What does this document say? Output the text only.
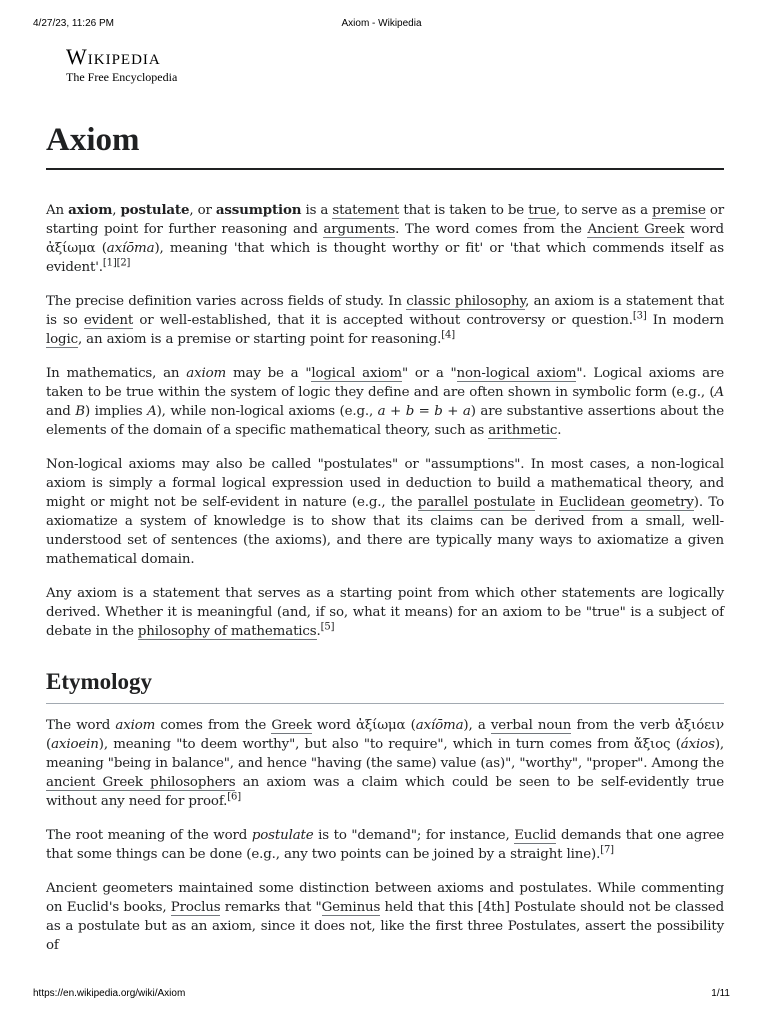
4/27/23, 11:26 PM	Axiom - Wikipedia
Wikipedia
The Free Encyclopedia
Axiom

An axiom, postulate, or assumption is a statement that is taken to be true, to serve as a premise or starting point for further reasoning and arguments. The word comes from the Ancient Greek word ἀξίωμα (axíōma), meaning 'that which is thought worthy or fit' or 'that which commends itself as evident'.[1][2]

The precise definition varies across fields of study. In classic philosophy, an axiom is a statement that is so evident or well-established, that it is accepted without controversy or question.[3] In modern logic, an axiom is a premise or starting point for reasoning.[4]

In mathematics, an axiom may be a "logical axiom" or a "non-logical axiom". Logical axioms are taken to be true within the system of logic they define and are often shown in symbolic form (e.g., (A and B) implies A), while non-logical axioms (e.g., a + b = b + a) are substantive assertions about the elements of the domain of a specific mathematical theory, such as arithmetic.

Non-logical axioms may also be called "postulates" or "assumptions". In most cases, a non-logical axiom is simply a formal logical expression used in deduction to build a mathematical theory, and might or might not be self-evident in nature (e.g., the parallel postulate in Euclidean geometry). To axiomatize a system of knowledge is to show that its claims can be derived from a small, well-understood set of sentences (the axioms), and there are typically many ways to axiomatize a given mathematical domain.

Any axiom is a statement that serves as a starting point from which other statements are logically derived. Whether it is meaningful (and, if so, what it means) for an axiom to be "true" is a subject of debate in the philosophy of mathematics.[5]

Etymology

The word axiom comes from the Greek word ἀξίωμα (axíōma), a verbal noun from the verb ἀξιόειν (axioein), meaning "to deem worthy", but also "to require", which in turn comes from ἄξιος (áxios), meaning "being in balance", and hence "having (the same) value (as)", "worthy", "proper". Among the ancient Greek philosophers an axiom was a claim which could be seen to be self-evidently true without any need for proof.[6]

The root meaning of the word postulate is to "demand"; for instance, Euclid demands that one agree that some things can be done (e.g., any two points can be joined by a straight line).[7]

Ancient geometers maintained some distinction between axioms and postulates. While commenting on Euclid's books, Proclus remarks that "Geminus held that this [4th] Postulate should not be classed as a postulate but as an axiom, since it does not, like the first three Postulates, assert the possibility of

https://en.wikipedia.org/wiki/Axiom	1/11
